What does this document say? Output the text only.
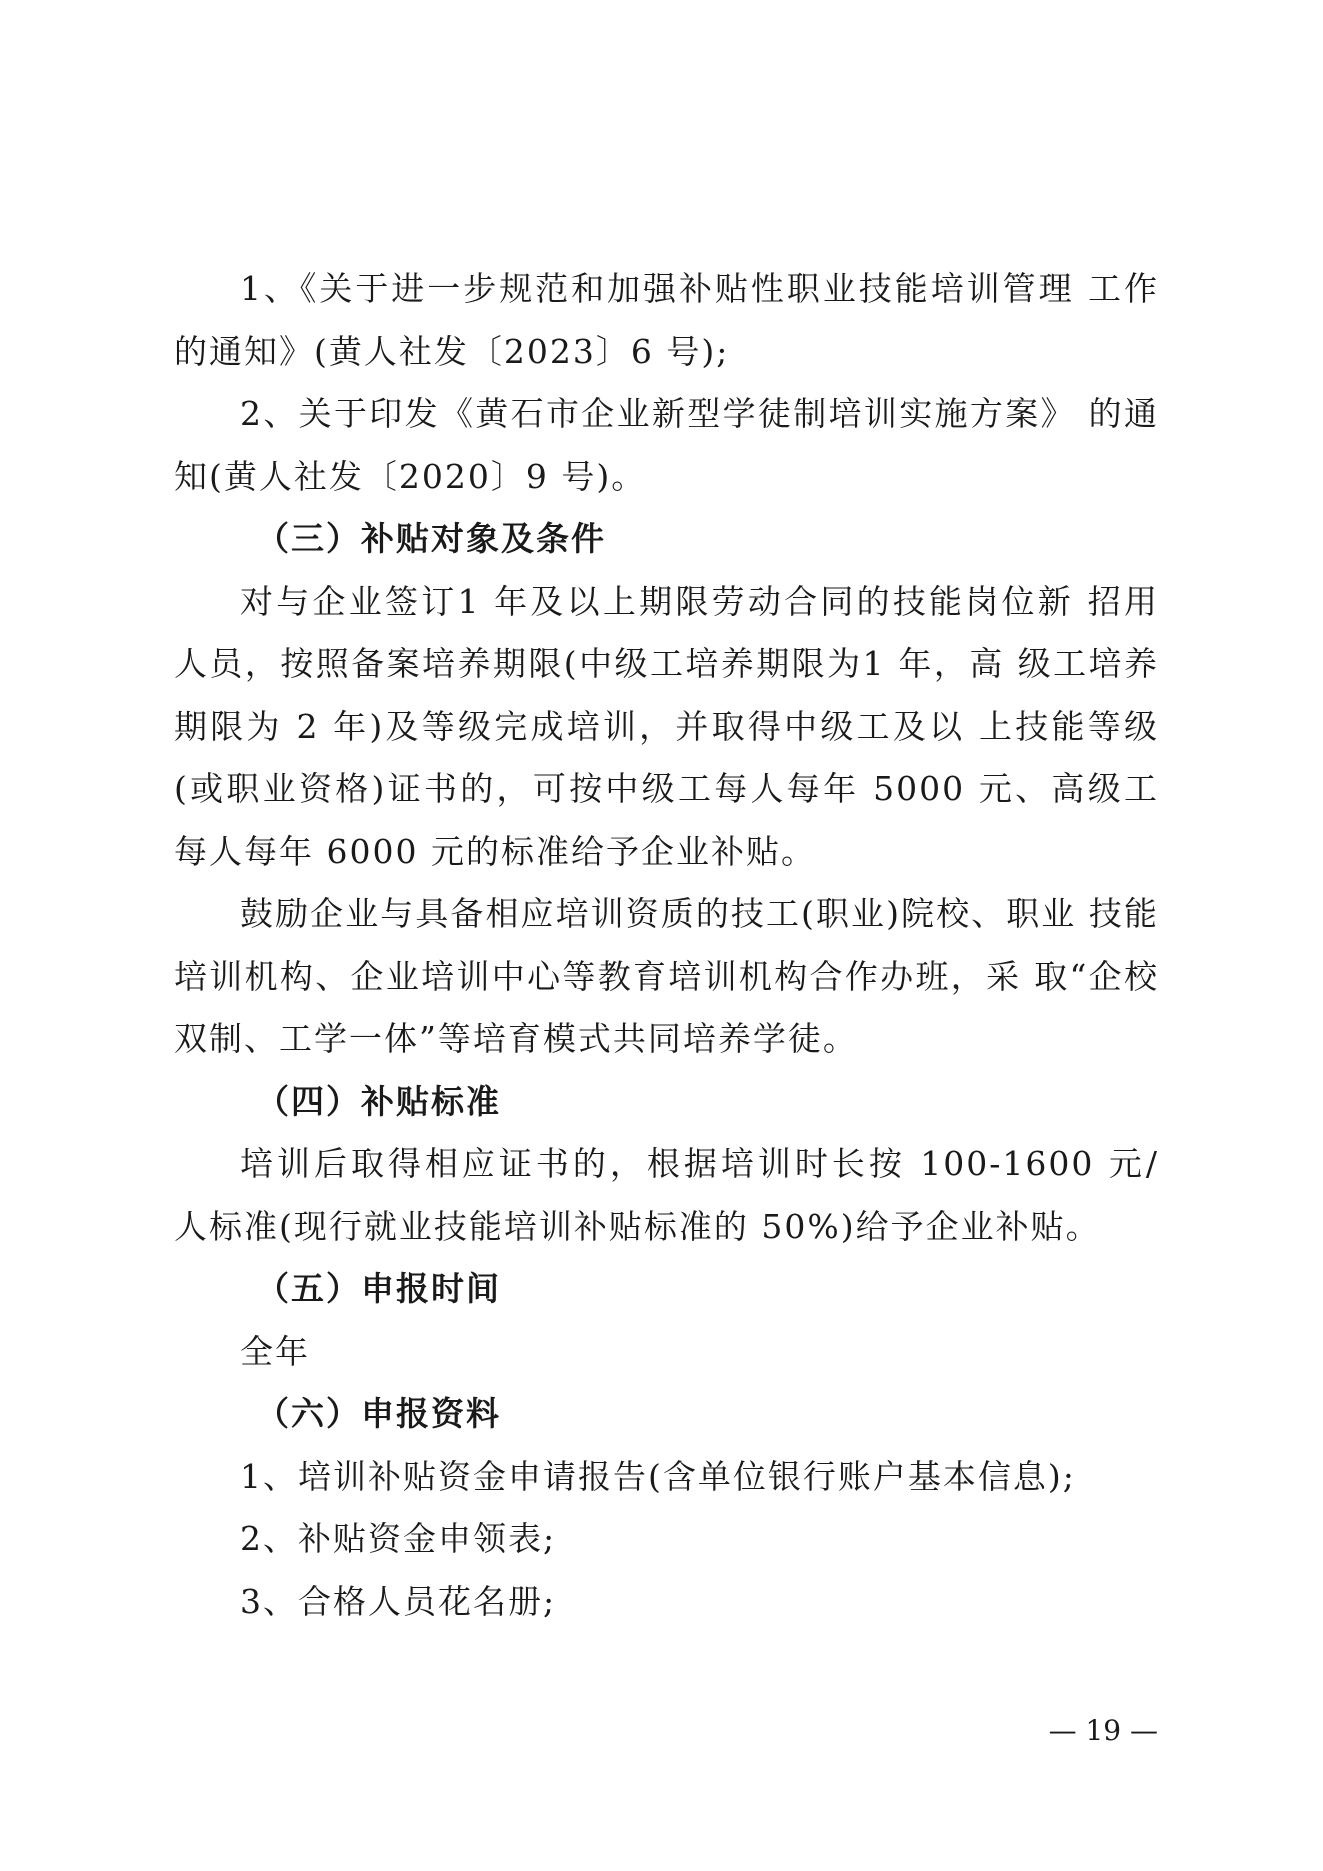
1、《关于进一步规范和加强补贴性职业技能培训管理 工作的通知》(黄人社发〔2023〕6 号);

2、关于印发《黄石市企业新型学徒制培训实施方案》 的通知(黄人社发〔2020〕9 号)。

（三）补贴对象及条件

对与企业签订1 年及以上期限劳动合同的技能岗位新 招用人员，按照备案培养期限(中级工培养期限为1 年，高 级工培养期限为 2 年)及等级完成培训，并取得中级工及以 上技能等级(或职业资格)证书的，可按中级工每人每年 5000 元、高级工每人每年 6000 元的标准给予企业补贴。

鼓励企业与具备相应培训资质的技工(职业)院校、职业 技能培训机构、企业培训中心等教育培训机构合作办班，采 取“企校双制、工学一体”等培育模式共同培养学徒。

（四）补贴标准

培训后取得相应证书的，根据培训时长按 100-1600 元/ 人标准(现行就业技能培训补贴标准的 50%)给予企业补贴。

（五）申报时间

全年

（六）申报资料

1、培训补贴资金申请报告(含单位银行账户基本信息);

2、补贴资金申领表;

3、合格人员花名册;

— 19 —
